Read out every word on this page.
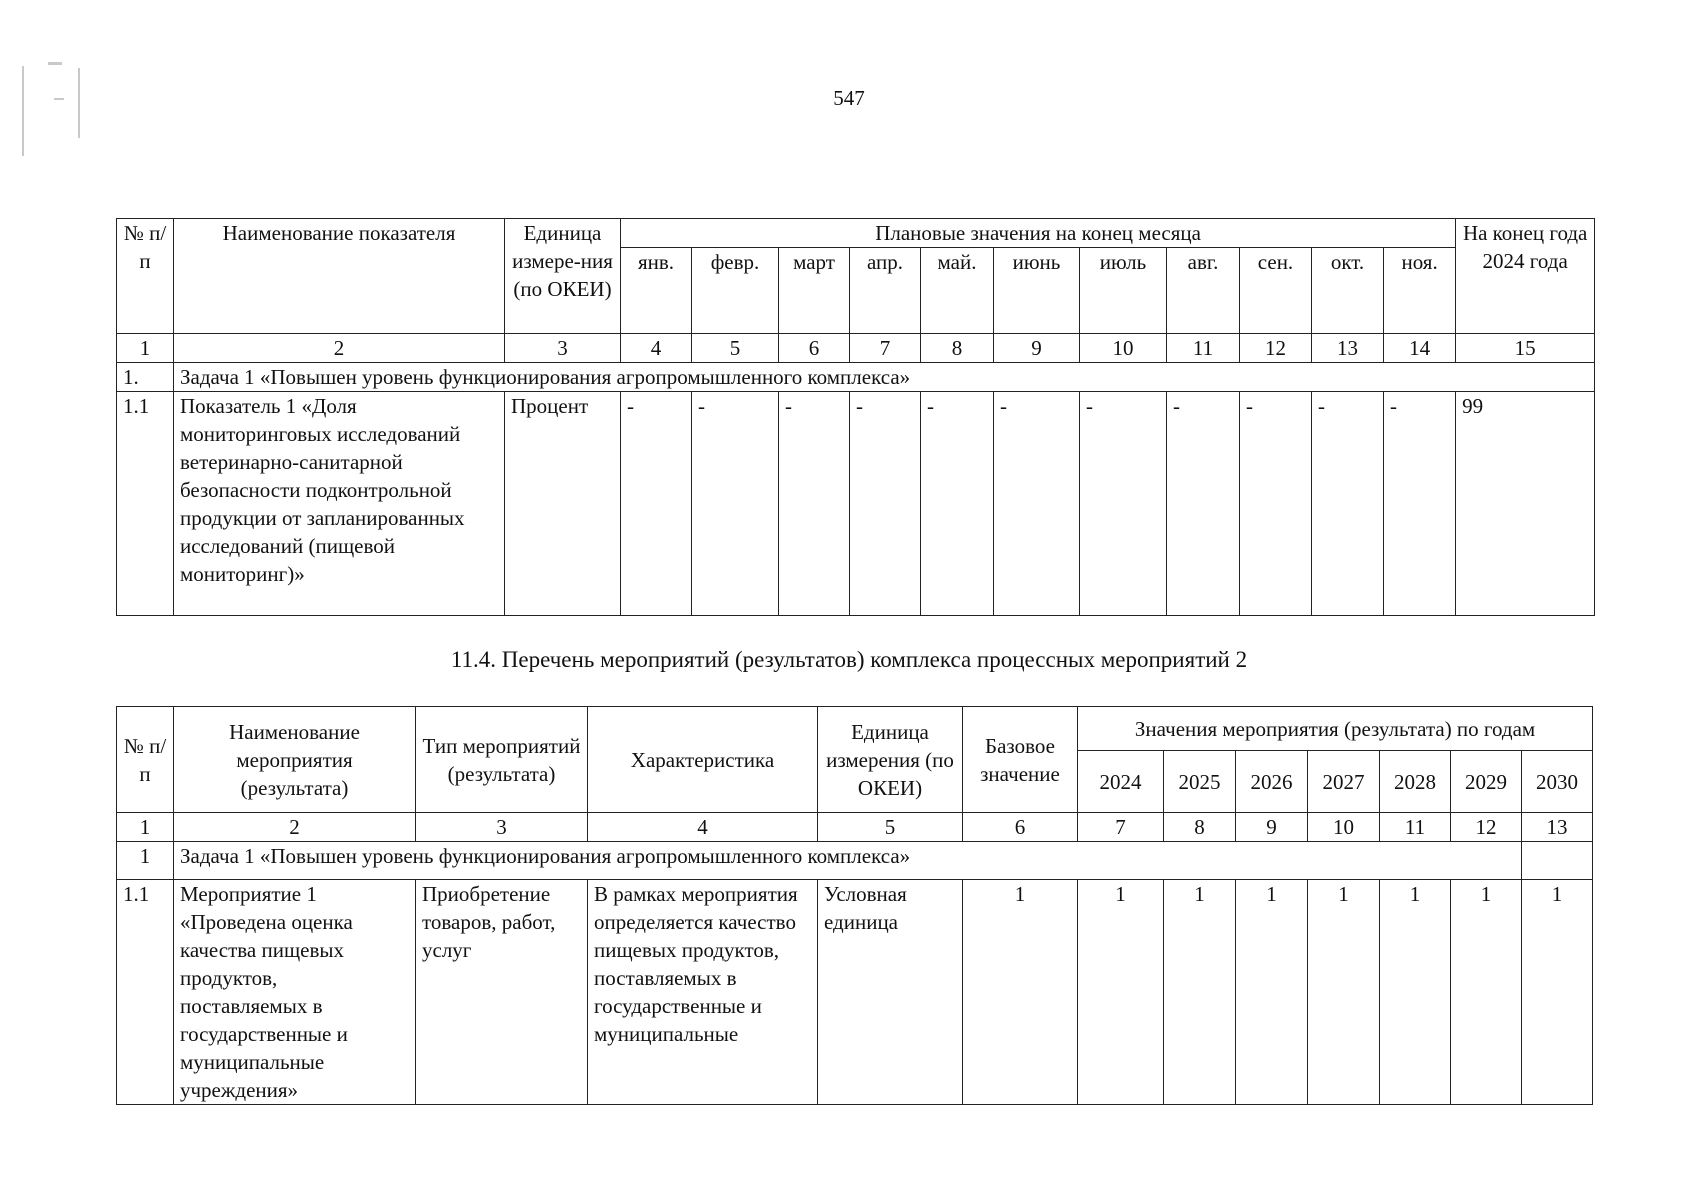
547
№ п/п	Наименование показателя	Единица измере-ния (по ОКЕИ)	Плановые значения на конец месяца											На конец года 2024 года
			янв.	февр.	март	апр.	май.	июнь	июль	авг.	сен.	окт.	ноя.	
1	2	3	4	5	6	7	8	9	10	11	12	13	14	15
1.	Задача 1 «Повышен уровень функционирования агропромышленного комплекса»													
1.1	Показатель 1 «Доля мониторинговых исследований ветеринарно-санитарной безопасности подконтрольной продукции от запланированных исследований (пищевой мониторинг)»	Процент	-	-	-	-	-	-	-	-	-	-	-	99
11.4. Перечень мероприятий (результатов) комплекса процессных мероприятий 2
№ п/п	Наименование мероприятия (результата)	Тип мероприятий (результата)	Характеристика	Единица измерения (по ОКЕИ)	Базовое значение	Значения мероприятия (результата) по годам						
						2024	2025	2026	2027	2028	2029	2030
1	2	3	4	5	6	7	8	9	10	11	12	13
1	Задача 1 «Повышен уровень функционирования агропромышленного комплекса»											
1.1	Мероприятие 1 «Проведена оценка качества пищевых продуктов, поставляемых в государственные и муниципальные учреждения»	Приобретение товаров, работ, услуг	В рамках мероприятия определяется качество пищевых продуктов, поставляемых в государственные и муниципальные	Условная единица	1	1	1	1	1	1	1	1
